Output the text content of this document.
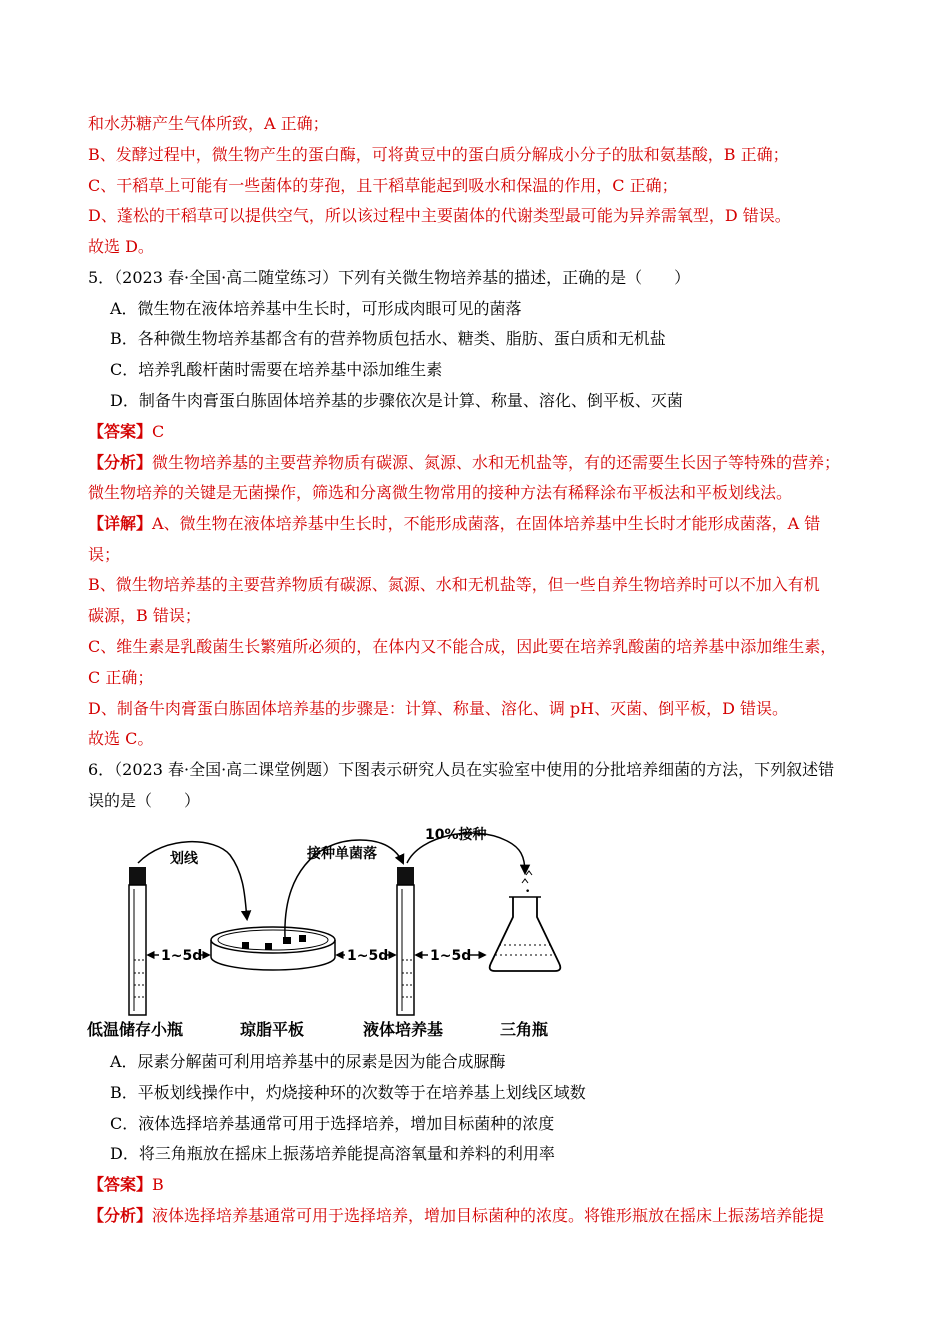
和水苏糖产生气体所致，A 正确；
B、发酵过程中，微生物产生的蛋白酶，可将黄豆中的蛋白质分解成小分子的肽和氨基酸，B 正确；
C、干稻草上可能有一些菌体的芽孢，且干稻草能起到吸水和保温的作用，C 正确；
D、蓬松的干稻草可以提供空气，所以该过程中主要菌体的代谢类型最可能为异养需氧型，D 错误。
故选 D。
5．（2023 春·全国·高二随堂练习）下列有关微生物培养基的描述，正确的是（　　）
A．微生物在液体培养基中生长时，可形成肉眼可见的菌落
B．各种微生物培养基都含有的营养物质包括水、糖类、脂肪、蛋白质和无机盐
C．培养乳酸杆菌时需要在培养基中添加维生素
D．制备牛肉膏蛋白胨固体培养基的步骤依次是计算、称量、溶化、倒平板、灭菌
【答案】C
【分析】微生物培养基的主要营养物质有碳源、氮源、水和无机盐等，有的还需要生长因子等特殊的营养；
微生物培养的关键是无菌操作，筛选和分离微生物常用的接种方法有稀释涂布平板法和平板划线法。
【详解】A、微生物在液体培养基中生长时，不能形成菌落，在固体培养基中生长时才能形成菌落，A 错
误；
B、微生物培养基的主要营养物质有碳源、氮源、水和无机盐等，但一些自养生物培养时可以不加入有机
碳源，B 错误；
C、维生素是乳酸菌生长繁殖所必须的，在体内又不能合成，因此要在培养乳酸菌的培养基中添加维生素，
C 正确；
D、制备牛肉膏蛋白胨固体培养基的步骤是：计算、称量、溶化、调 pH、灭菌、倒平板，D 错误。
故选 C。
6．（2023 春·全国·高二课堂例题）下图表示研究人员在实验室中使用的分批培养细菌的方法，下列叙述错
误的是（　　）
•
划线	接种单菌落
10%接种
1~5d	1~5d	1~5d
低温储存小瓶	琼脂平板	液体培养基	三角瓶
A．尿素分解菌可利用培养基中的尿素是因为能合成脲酶
B．平板划线操作中，灼烧接种环的次数等于在培养基上划线区域数
C．液体选择培养基通常可用于选择培养，增加目标菌种的浓度
D．将三角瓶放在摇床上振荡培养能提高溶氧量和养料的利用率
【答案】B
【分析】液体选择培养基通常可用于选择培养，增加目标菌种的浓度。将锥形瓶放在摇床上振荡培养能提
